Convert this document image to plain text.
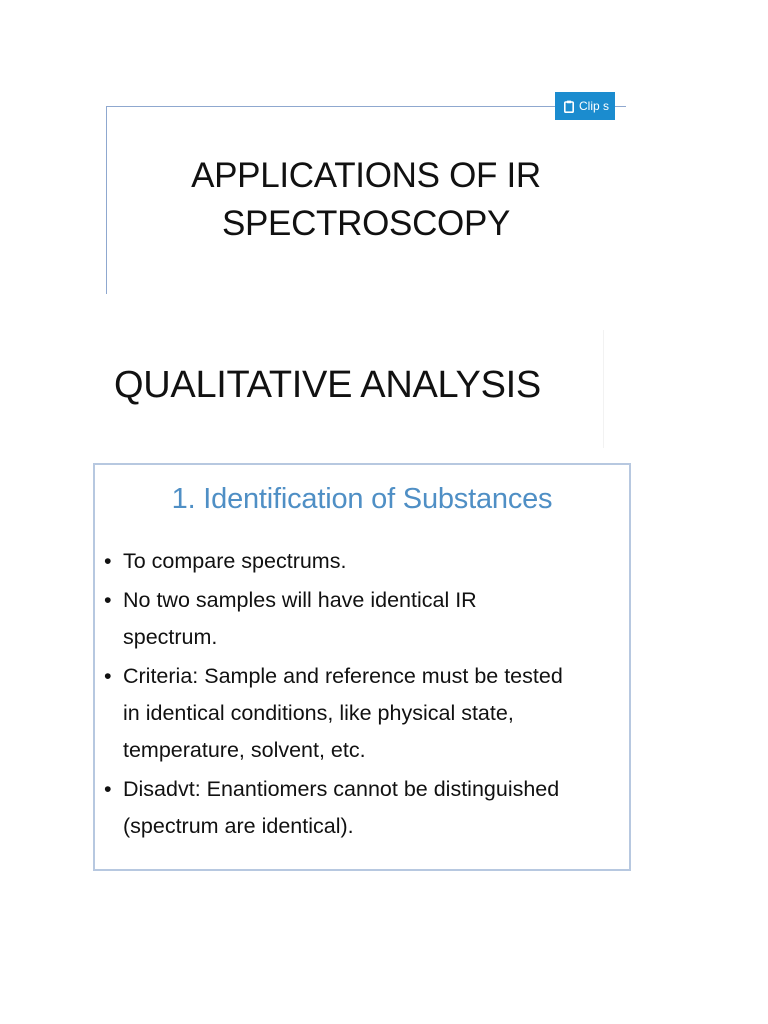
APPLICATIONS OF IR
SPECTROSCOPY
Clip s
QUALITATIVE ANALYSIS
1. Identification of Substances
• To compare spectrums.
• No two samples will have identical IR
spectrum.
• Criteria: Sample and reference must be tested
in identical conditions, like physical state,
temperature, solvent, etc.
• Disadvt: Enantiomers cannot be distinguished
(spectrum are identical).
